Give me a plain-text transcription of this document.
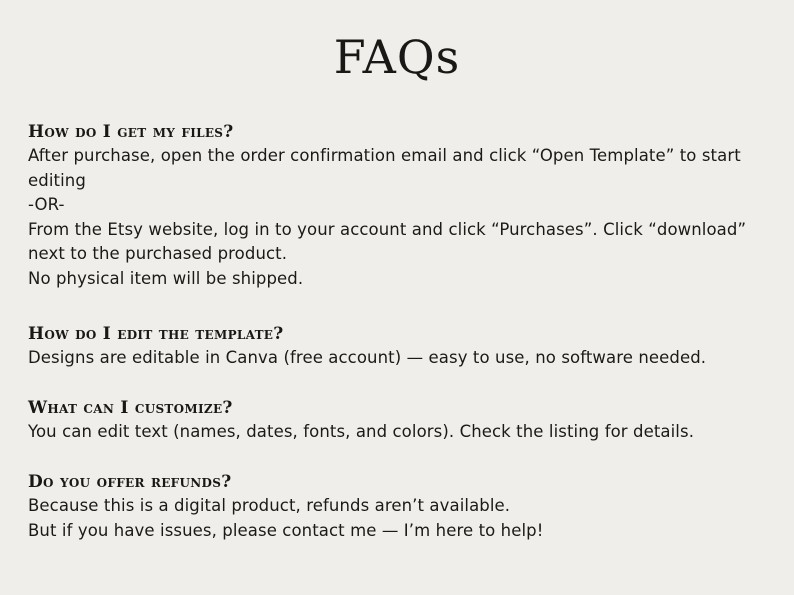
FAQs

How do I get my files?

After purchase, open the order confirmation email and click “Open Template” to start

editing

-OR-

From the Etsy website, log in to your account and click “Purchases”. Click “download”

next to the purchased product.

No physical item will be shipped.

How do I edit the template?

Designs are editable in Canva (free account) — easy to use, no software needed.

What can I customize?

You can edit text (names, dates, fonts, and colors). Check the listing for details.

Do you offer refunds?

Because this is a digital product, refunds aren’t available.

But if you have issues, please contact me — I’m here to help!
